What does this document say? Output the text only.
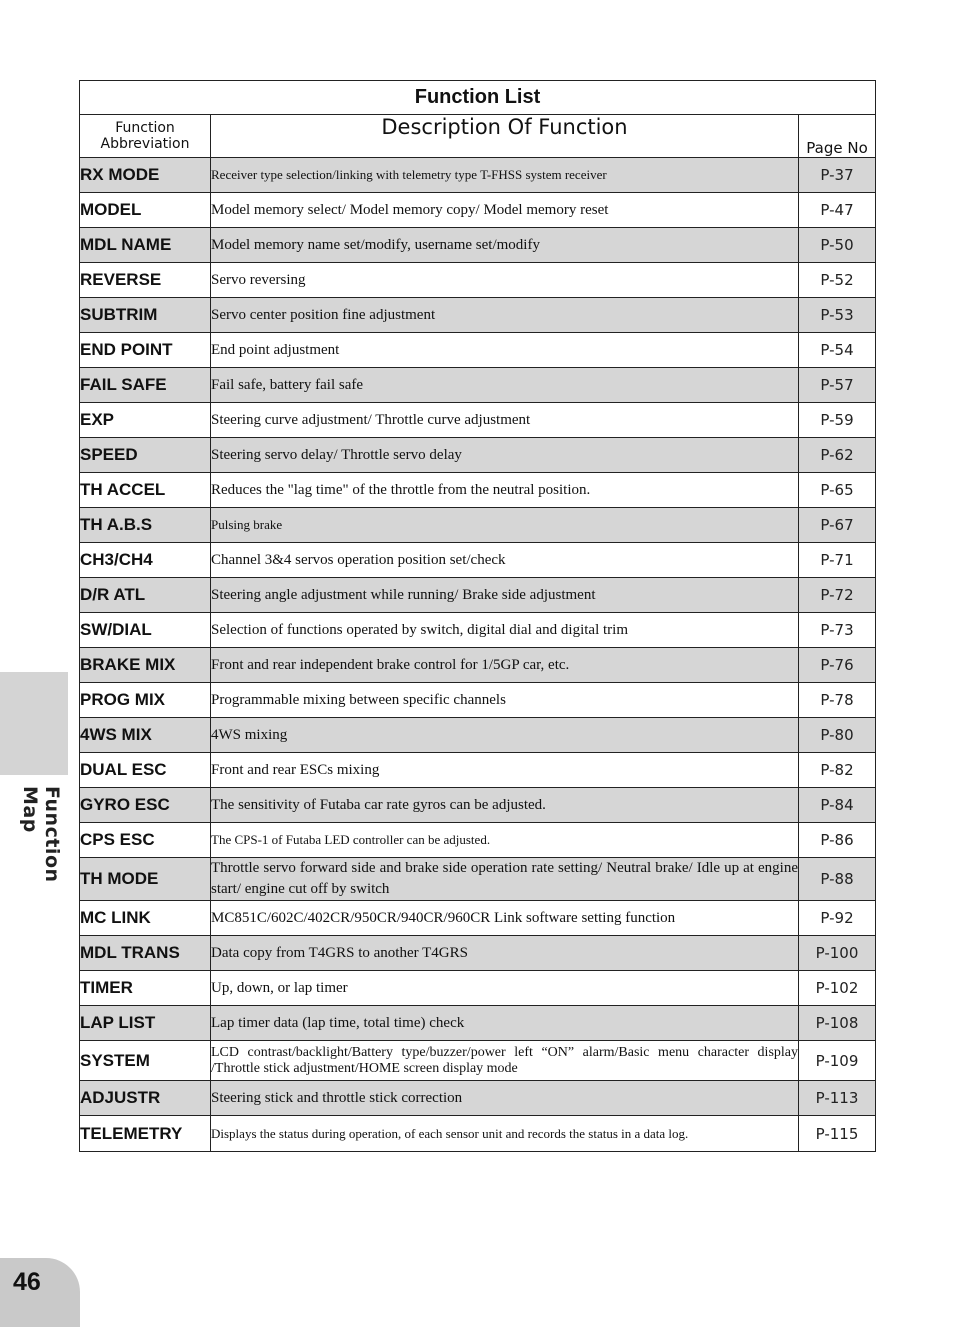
Function Map
Function List		

Function
Abbreviation	Description Of Function	Page No
RX MODE	Receiver type selection/linking with telemetry type T-FHSS system receiver	P-37
MODEL	Model memory select/ Model memory copy/ Model memory reset	P-47
MDL NAME	Model memory name set/modify, username set/modify	P-50
REVERSE	Servo reversing	P-52
SUBTRIM	Servo center position fine adjustment	P-53
END POINT	End point adjustment	P-54
FAIL SAFE	Fail safe, battery fail safe	P-57
EXP	Steering curve adjustment/ Throttle curve adjustment	P-59
SPEED	Steering servo delay/ Throttle servo delay	P-62
TH ACCEL	Reduces the "lag time" of the throttle from the neutral position.	P-65
TH A.B.S	Pulsing brake	P-67
CH3/CH4	Channel 3&4 servos operation position set/check	P-71
D/R ATL	Steering angle adjustment while running/ Brake side adjustment	P-72
SW/DIAL	Selection of functions operated by switch, digital dial and digital trim	P-73
BRAKE MIX	Front and rear independent brake control for 1/5GP car, etc.	P-76
PROG MIX	Programmable mixing between specific channels	P-78
4WS MIX	4WS mixing	P-80
DUAL ESC	Front and rear ESCs mixing	P-82
GYRO ESC	The sensitivity of Futaba car rate gyros can be adjusted.	P-84
CPS ESC	The CPS-1 of Futaba LED controller can be adjusted.	P-86
TH MODE	Throttle servo forward side and brake side operation rate setting/ Neutral brake/ Idle up at engine start/ engine cut off by switch	P-88
MC LINK	MC851C/602C/402CR/950CR/940CR/960CR Link software setting function	P-92
MDL TRANS	Data copy from T4GRS to another T4GRS	P-100
TIMER	Up, down, or lap timer	P-102
LAP LIST	Lap timer data (lap time, total time) check	P-108
SYSTEM	LCD contrast/backlight/Battery type/buzzer/power left “ON” alarm/Basic menu character display /Throttle stick adjustment/HOME screen display mode	P-109
ADJUSTR	Steering stick and throttle stick correction	P-113
TELEMETRY	Displays the status during operation, of each sensor unit and records the status in a data log.	P-115
46
